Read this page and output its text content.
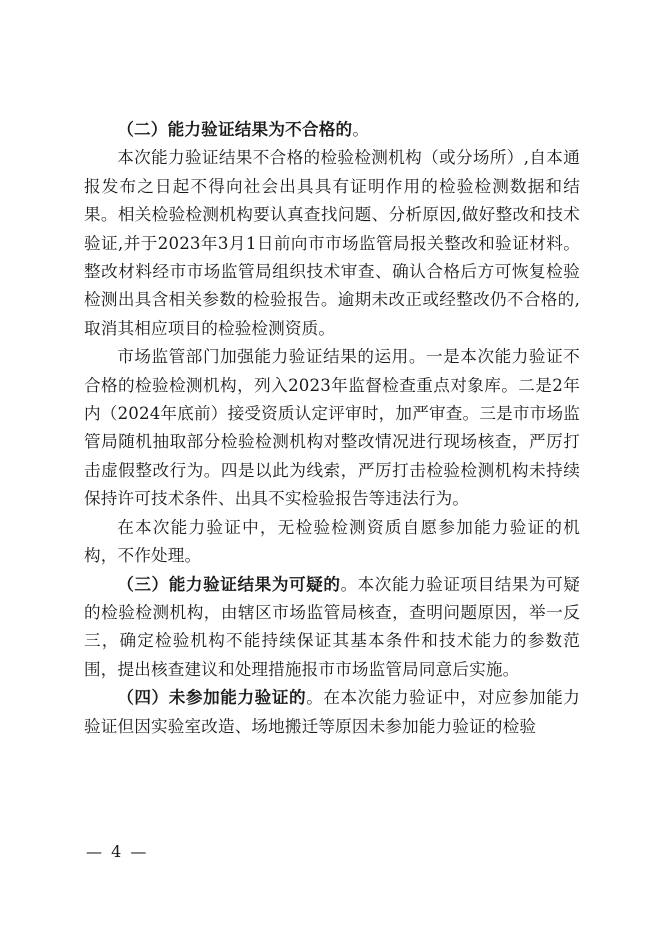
（二）能力验证结果为不合格的。

本次能力验证结果不合格的检验检测机构（或分场所）,自本通报发布之日起不得向社会出具具有证明作用的检验检测数据和结果。相关检验检测机构要认真查找问题、分析原因,做好整改和技术验证,并于2023年3月1日前向市市场监管局报关整改和验证材料。整改材料经市市场监管局组织技术审查、确认合格后方可恢复检验检测出具含相关参数的检验报告。逾期未改正或经整改仍不合格的,取消其相应项目的检验检测资质。

市场监管部门加强能力验证结果的运用。一是本次能力验证不合格的检验检测机构，列入2023年监督检查重点对象库。二是2年内（2024年底前）接受资质认定评审时，加严审查。三是市市场监管局随机抽取部分检验检测机构对整改情况进行现场核查，严厉打击虚假整改行为。四是以此为线索，严厉打击检验检测机构未持续保持许可技术条件、出具不实检验报告等违法行为。

在本次能力验证中，无检验检测资质自愿参加能力验证的机构，不作处理。

（三）能力验证结果为可疑的。本次能力验证项目结果为可疑的检验检测机构，由辖区市场监管局核查，查明问题原因，举一反三，确定检验机构不能持续保证其基本条件和技术能力的参数范围，提出核查建议和处理措施报市市场监管局同意后实施。

（四）未参加能力验证的。在本次能力验证中，对应参加能力验证但因实验室改造、场地搬迁等原因未参加能力验证的检验

— 4 —
